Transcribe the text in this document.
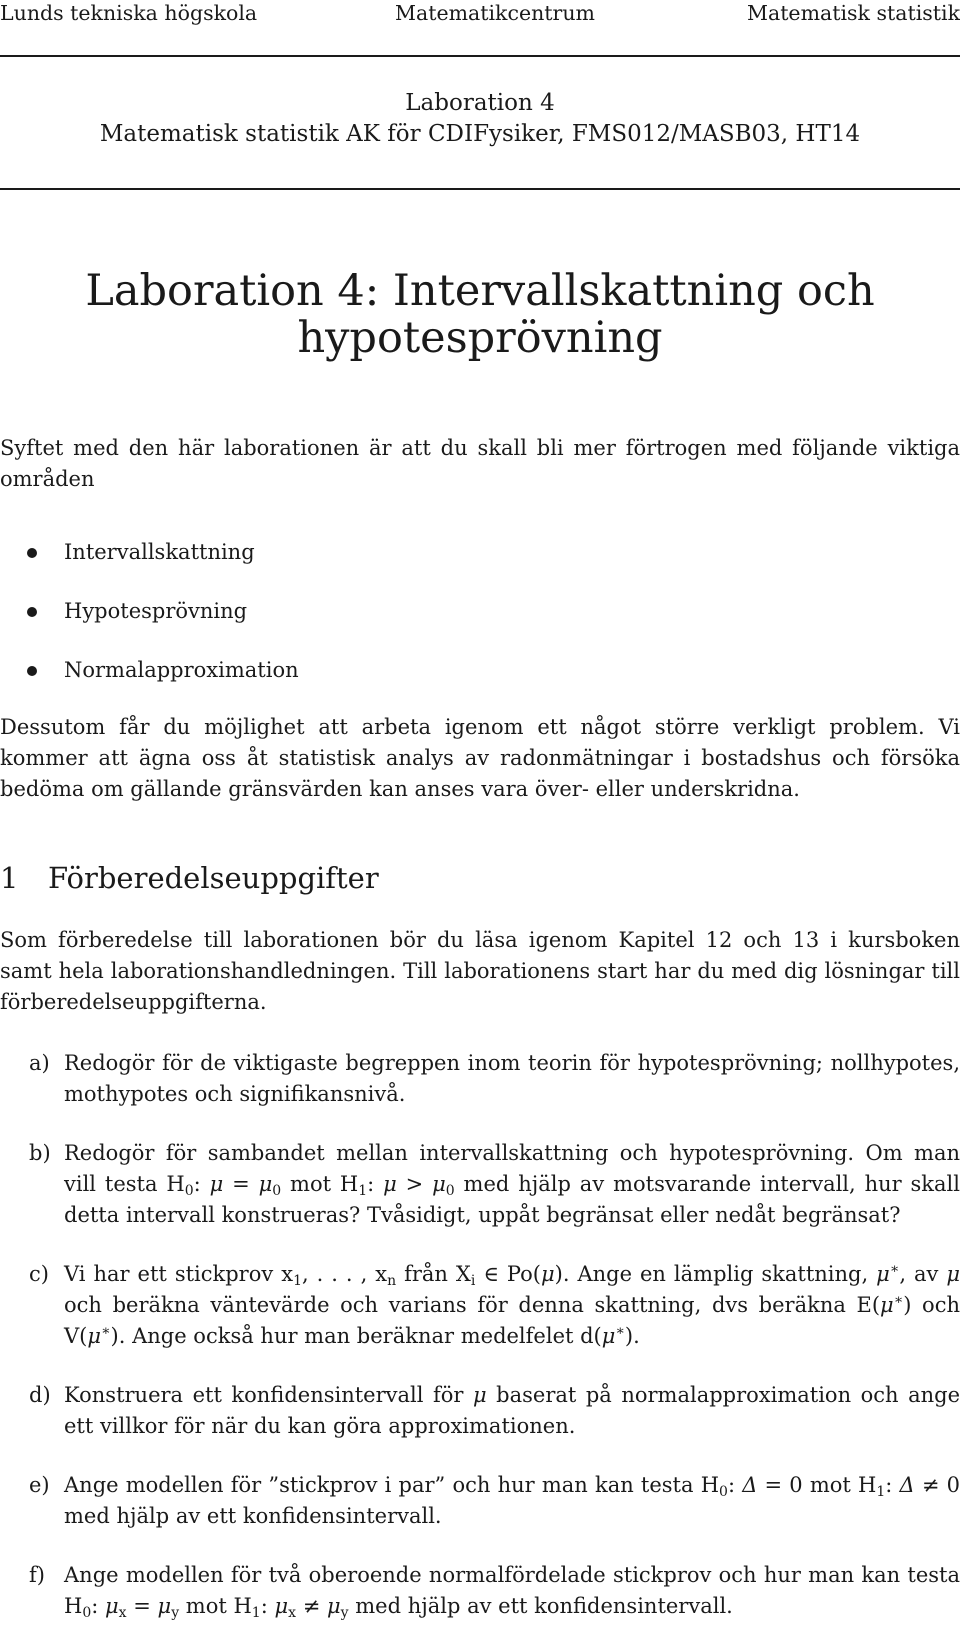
Lunds tekniska högskola	Matematikcentrum	Matematisk statistik
Laboration 4
Matematisk statistik AK för CDIFysiker, FMS012/MASB03, HT14
Laboration 4: Intervallskattning och
hypotesprövning
Syftet med den här laborationen är att du skall bli mer förtrogen med följande viktiga områden
Intervallskattning
Hypotesprövning
Normalapproximation
Dessutom får du möjlighet att arbeta igenom ett något större verkligt problem. Vi kommer att ägna oss åt statistisk analys av radonmätningar i bostadshus och försöka bedöma om gällande gränsvärden kan anses vara över- eller underskridna.
1 Förberedelseuppgifter
Som förberedelse till laborationen bör du läsa igenom Kapitel 12 och 13 i kursboken samt hela laborationshandledningen. Till laborationens start har du med dig lösningar till förberedelseuppgifterna.
a) Redogör för de viktigaste begreppen inom teorin för hypotesprövning; nollhypotes, mothypotes och signifikansnivå.

b) Redogör för sambandet mellan intervallskattning och hypotesprövning. Om man vill testa $H_0$: $\mu = \mu_0$ mot $H_1$: $\mu > \mu_0$ med hjälp av motsvarande intervall, hur skall detta intervall konstrueras? Tvåsidigt, uppåt begränsat eller nedåt begränsat?

c) Vi har ett stickprov $x_1$, . . . , $x_n$ från $X_i$ ∈ Po(μ). Ange en lämplig skattning, μ∗, av μ och beräkna väntevärde och varians för denna skattning, dvs beräkna E(μ∗) och V(μ∗). Ange också hur man beräknar medelfelet d(μ∗).

d) Konstruera ett konfidensintervall för μ baserat på normalapproximation och ange ett villkor för när du kan göra approximationen.

e) Ange modellen för ”stickprov i par” och hur man kan testa $H_0$: Δ = 0 mot $H_1$: Δ ≠ 0 med hjälp av ett konfidensintervall.

f) Ange modellen för två oberoende normalfördelade stickprov och hur man kan testa $H_0$: $\mu_x = \mu_y$ mot $H_1$: $\mu_x \ne \mu_y$ med hjälp av ett konfidensintervall.
